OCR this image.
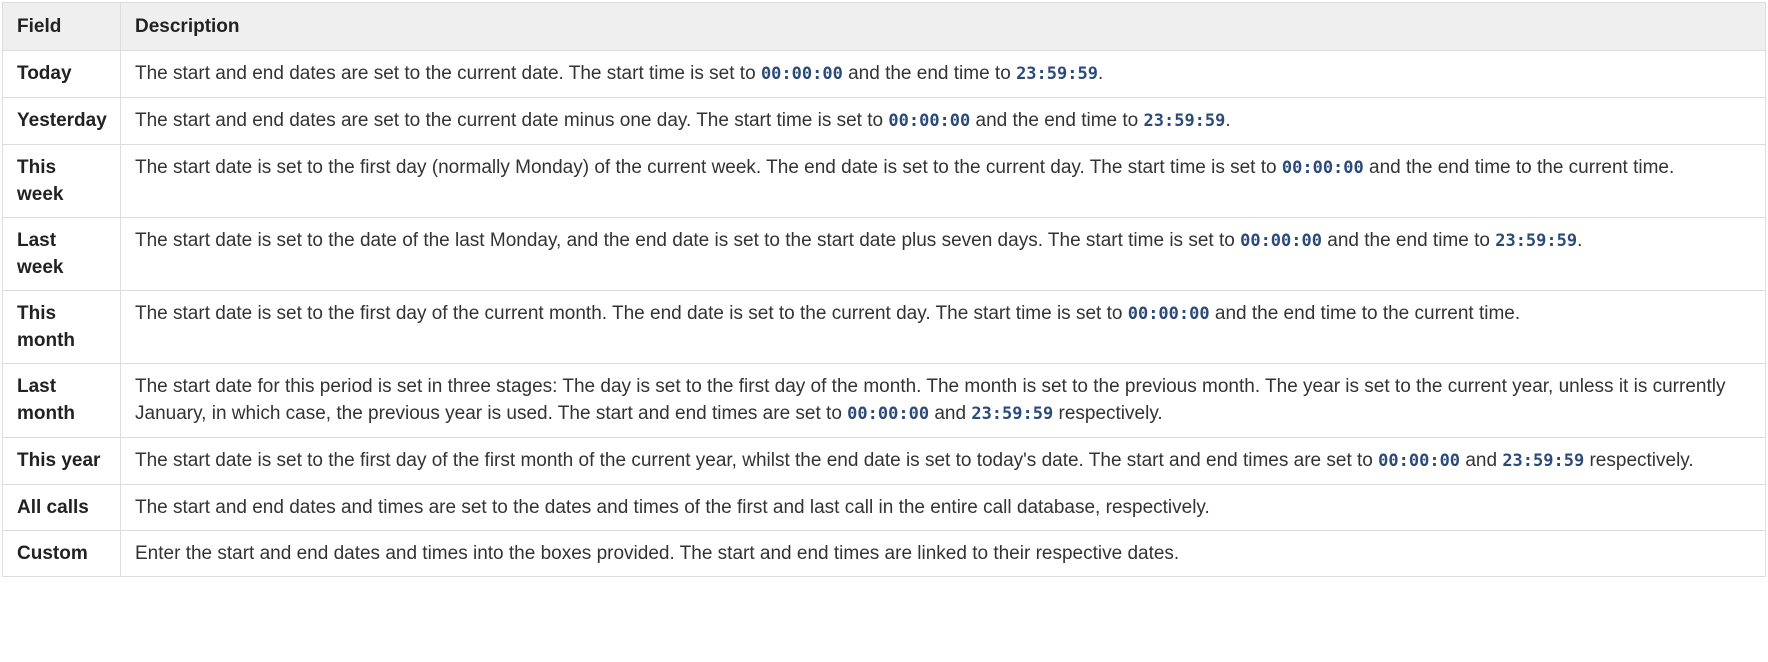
Field	Description
Today	The start and end dates are set to the current date. The start time is set to 00:00:00 and the end time to 23:59:59.
Yesterday	The start and end dates are set to the current date minus one day. The start time is set to 00:00:00 and the end time to 23:59:59.
This week	The start date is set to the first day (normally Monday) of the current week. The end date is set to the current day. The start time is set to 00:00:00 and the end time to the current time.
Last week	The start date is set to the date of the last Monday, and the end date is set to the start date plus seven days. The start time is set to 00:00:00 and the end time to 23:59:59.
This month	The start date is set to the first day of the current month. The end date is set to the current day. The start time is set to 00:00:00 and the end time to the current time.
Last month	The start date for this period is set in three stages: The day is set to the first day of the month. The month is set to the previous month. The year is set to the current year, unless it is currently January, in which case, the previous year is used. The start and end times are set to 00:00:00 and 23:59:59 respectively.
This year	The start date is set to the first day of the first month of the current year, whilst the end date is set to today's date. The start and end times are set to 00:00:00 and 23:59:59 respectively.
All calls	The start and end dates and times are set to the dates and times of the first and last call in the entire call database, respectively.
Custom	Enter the start and end dates and times into the boxes provided. The start and end times are linked to their respective dates.
